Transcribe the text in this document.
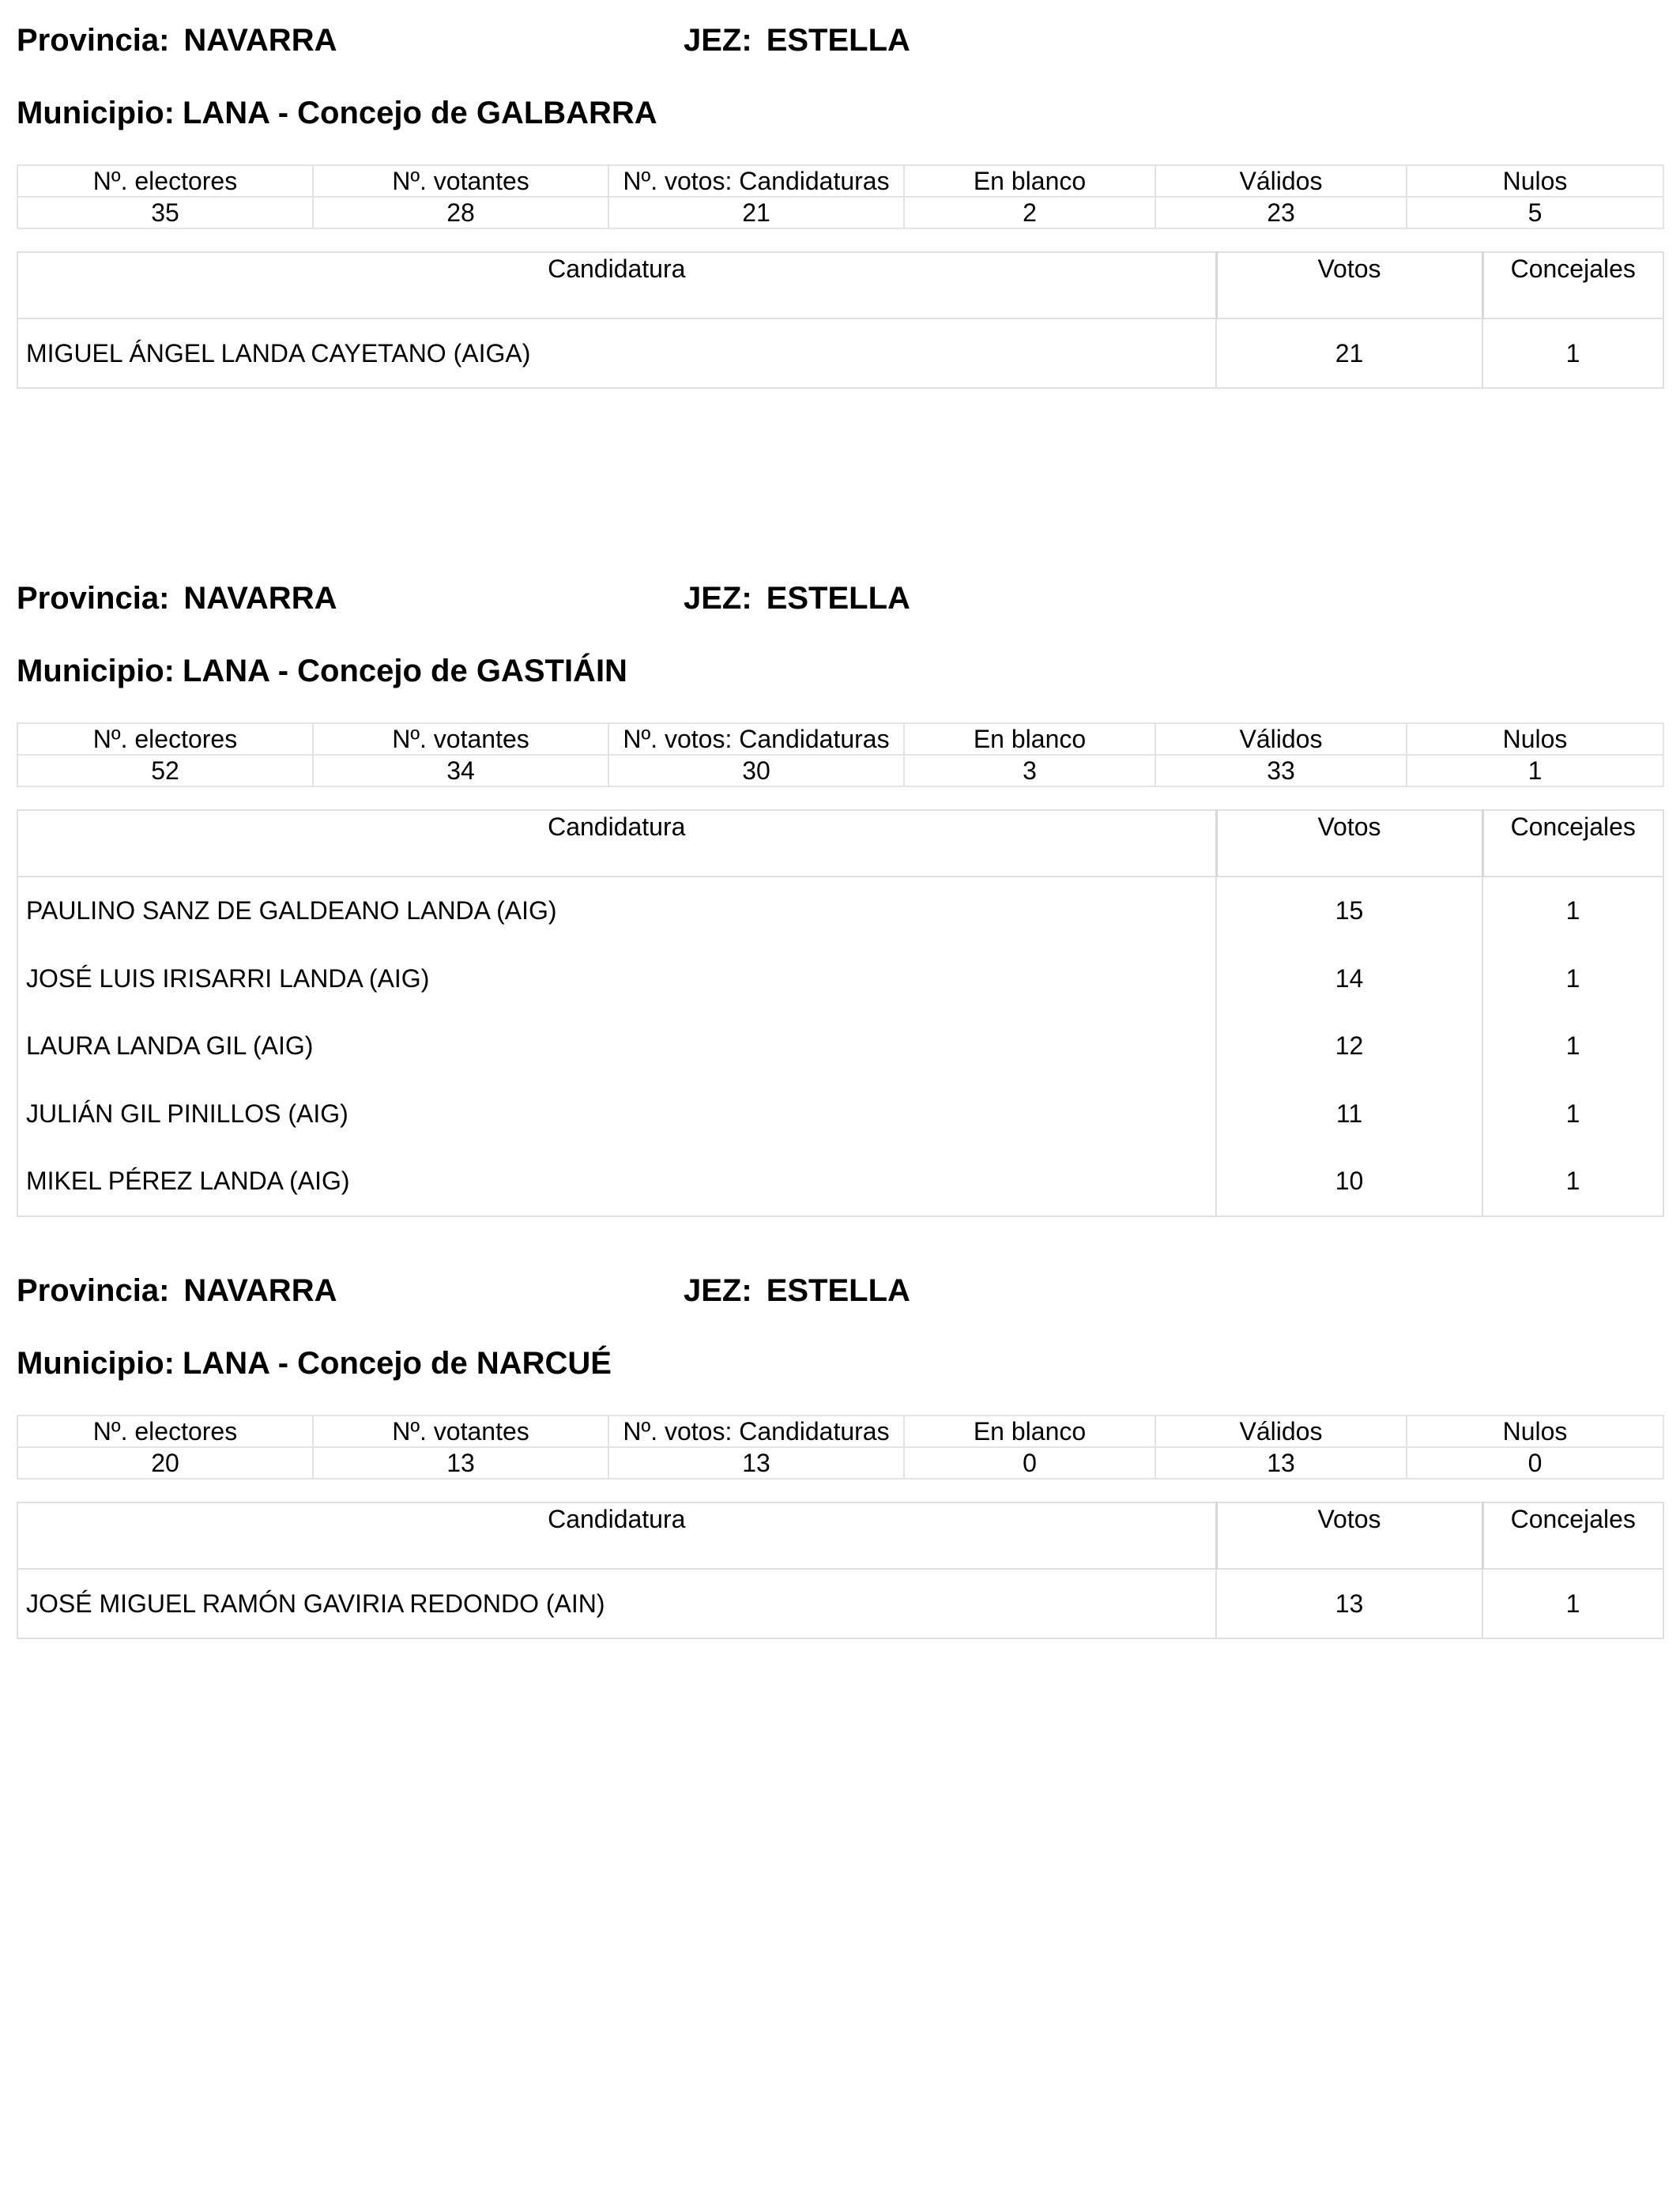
Provincia: NAVARRA	JEZ: ESTELLA
Municipio: LANA - Concejo de GALBARRA
Nº. electores	Nº. votantes	Nº. votos: Candidaturas	En blanco	Válidos	Nulos
35	28	21	2	23	5
Candidatura	Votos	Concejales
MIGUEL ÁNGEL LANDA CAYETANO (AIGA)	21	1
Provincia: NAVARRA	JEZ: ESTELLA
Municipio: LANA - Concejo de GASTIÁIN
Nº. electores	Nº. votantes	Nº. votos: Candidaturas	En blanco	Válidos	Nulos
52	34	30	3	33	1
Candidatura	Votos	Concejales
PAULINO SANZ DE GALDEANO LANDA (AIG)	15	1
JOSÉ LUIS IRISARRI LANDA (AIG)	14	1
LAURA LANDA GIL (AIG)	12	1
JULIÁN GIL PINILLOS (AIG)	11	1
MIKEL PÉREZ LANDA (AIG)	10	1
Provincia: NAVARRA	JEZ: ESTELLA
Municipio: LANA - Concejo de NARCUÉ
Nº. electores	Nº. votantes	Nº. votos: Candidaturas	En blanco	Válidos	Nulos
20	13	13	0	13	0
Candidatura	Votos	Concejales
JOSÉ MIGUEL RAMÓN GAVIRIA REDONDO (AIN)	13	1
